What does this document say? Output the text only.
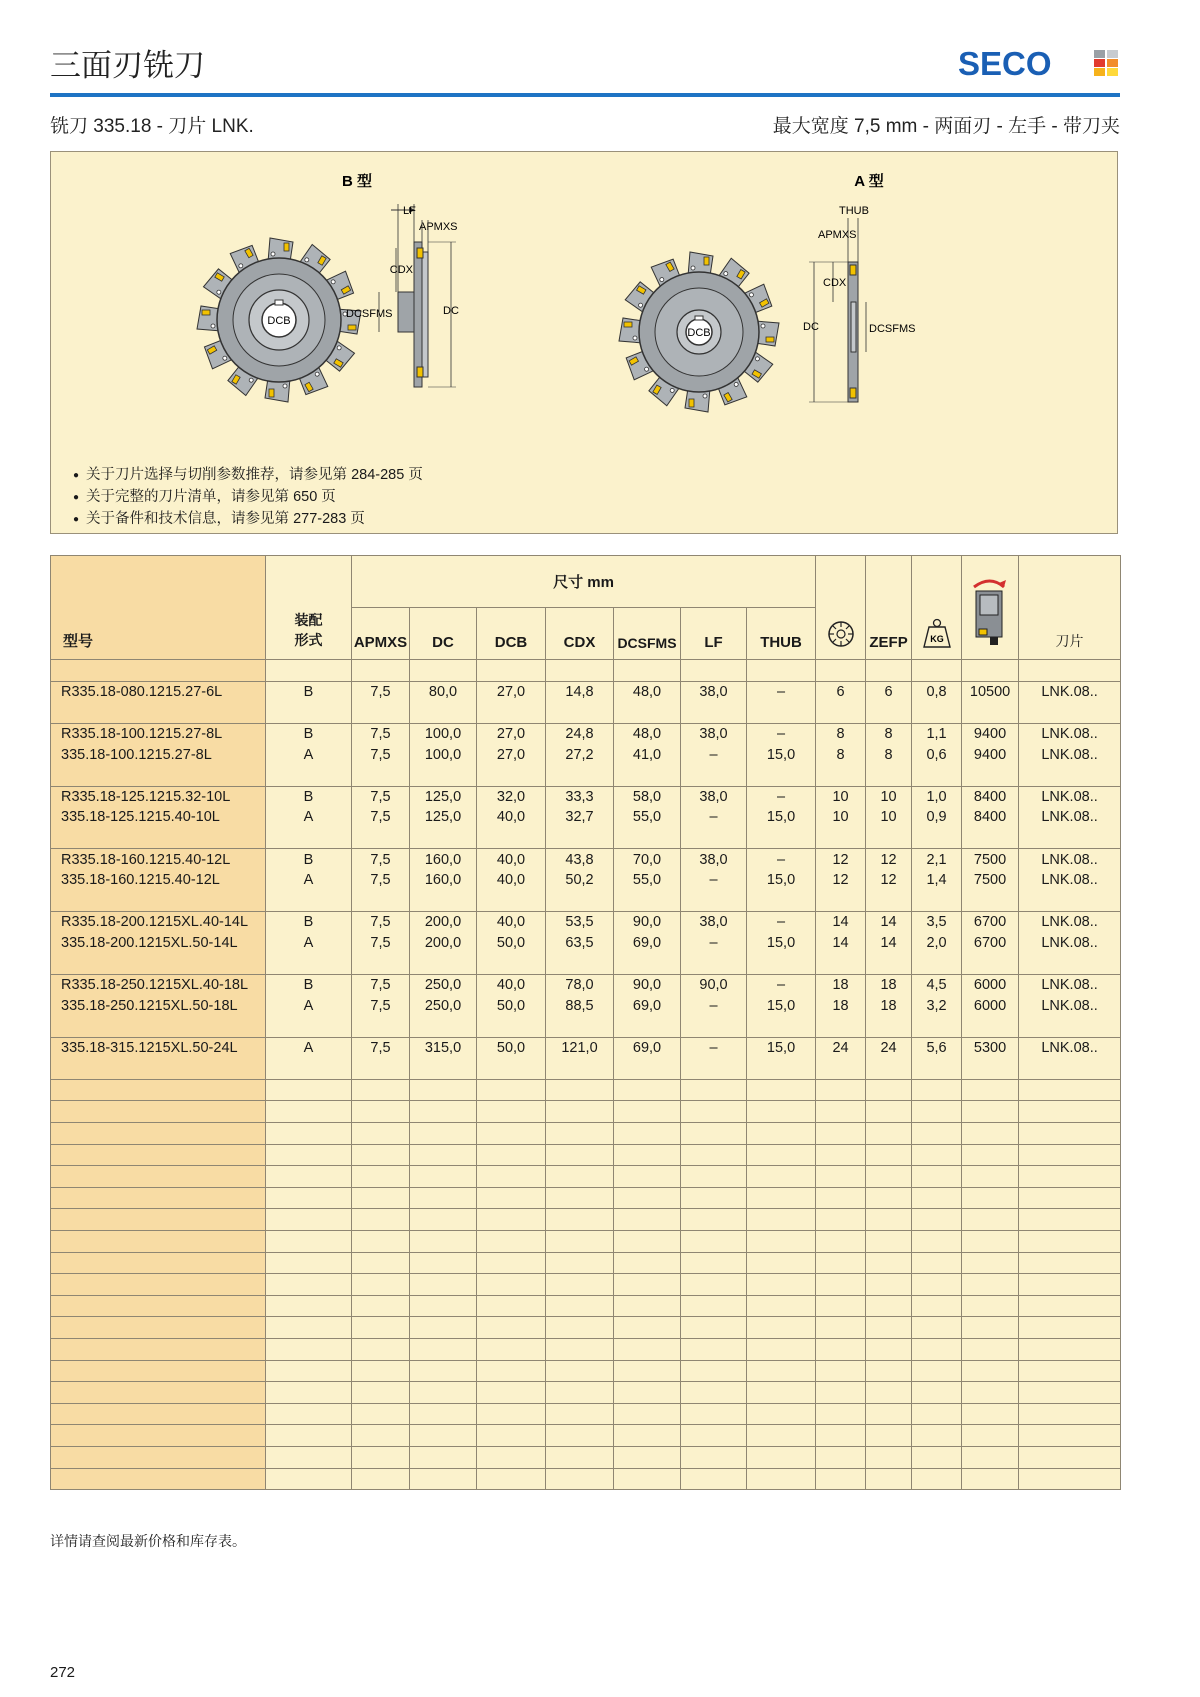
三面刃铣刀	SECO
铣刀 335.18 - 刀片 LNK.	最大宽度 7,5 mm - 两面刃 - 左手 - 带刀夹
B 型	A 型
DCB
LF
APMXS
CDX
DCSFMS	DC
DCB
THUB
APMXS
CDX
DC	DCSFMS
● 关于刀片选择与切削参数推荐，请参见第 284-285 页
● 关于完整的刀片清单，请参见第 650 页
● 关于备件和技术信息，请参见第 277-283 页
型号	装配形式	尺寸 mm								ZEFP	KG		刀片
		APMXS	DC	DCB	CDX	DCSFMS	LF	THUB					

R335.18-080.1215.27-6L	B	7,5	80,0	27,0	14,8	48,0	38,0	–	6	6	0,8	10500	LNK.08..

R335.18-100.1215.27-8L	B	7,5	100,0	27,0	24,8	48,0	38,0	–	8	8	1,1	9400	LNK.08..
335.18-100.1215.27-8L	A	7,5	100,0	27,0	27,2	41,0	–	15,0	8	8	0,6	9400	LNK.08..

R335.18-125.1215.32-10L	B	7,5	125,0	32,0	33,3	58,0	38,0	–	10	10	1,0	8400	LNK.08..
335.18-125.1215.40-10L	A	7,5	125,0	40,0	32,7	55,0	–	15,0	10	10	0,9	8400	LNK.08..

R335.18-160.1215.40-12L	B	7,5	160,0	40,0	43,8	70,0	38,0	–	12	12	2,1	7500	LNK.08..
335.18-160.1215.40-12L	A	7,5	160,0	40,0	50,2	55,0	–	15,0	12	12	1,4	7500	LNK.08..

R335.18-200.1215XL.40-14L	B	7,5	200,0	40,0	53,5	90,0	38,0	–	14	14	3,5	6700	LNK.08..
335.18-200.1215XL.50-14L	A	7,5	200,0	50,0	63,5	69,0	–	15,0	14	14	2,0	6700	LNK.08..

R335.18-250.1215XL.40-18L	B	7,5	250,0	40,0	78,0	90,0	90,0	–	18	18	4,5	6000	LNK.08..
335.18-250.1215XL.50-18L	A	7,5	250,0	50,0	88,5	69,0	–	15,0	18	18	3,2	6000	LNK.08..

335.18-315.1215XL.50-24L	A	7,5	315,0	50,0	121,0	69,0	–	15,0	24	24	5,6	5300	LNK.08..

详情请查阅最新价格和库存表。
272
